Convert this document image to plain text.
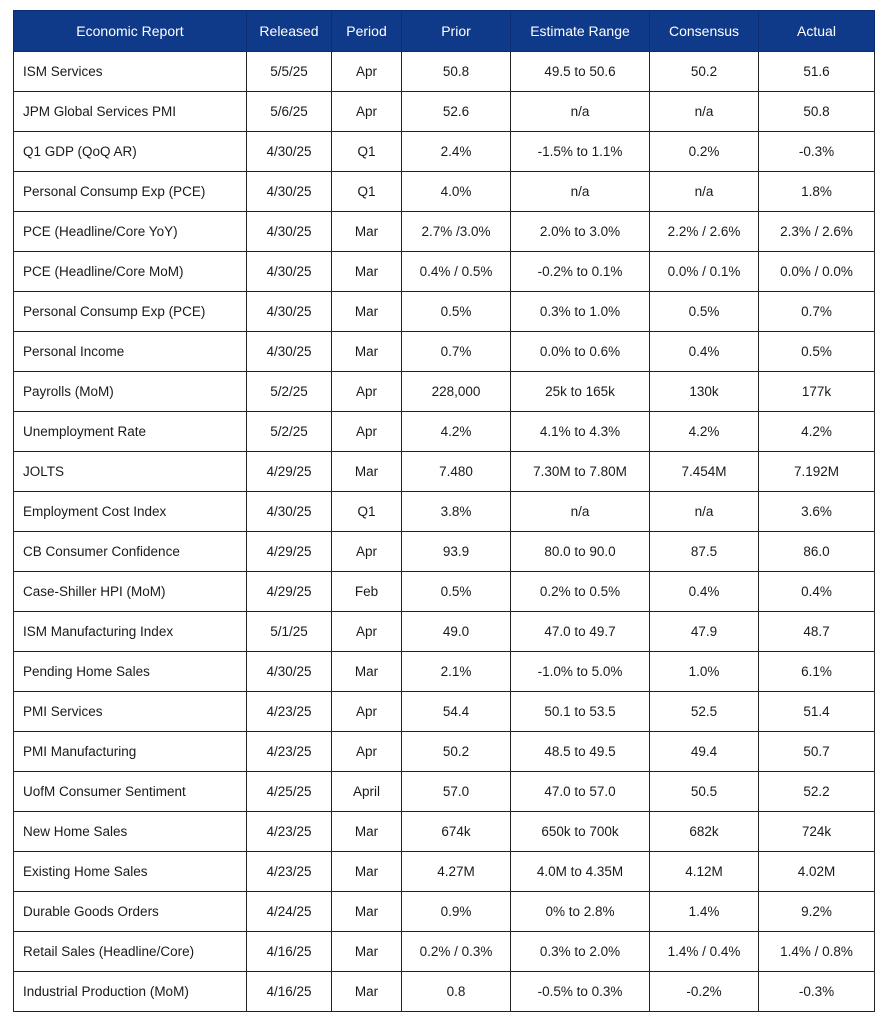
Economic Report	Released	Period	Prior	Estimate Range	Consensus	Actual
ISM Services	5/5/25	Apr	50.8	49.5 to 50.6	50.2	51.6
JPM Global Services PMI	5/6/25	Apr	52.6	n/a	n/a	50.8
Q1 GDP (QoQ AR)	4/30/25	Q1	2.4%	-1.5% to 1.1%	0.2%	-0.3%
Personal Consump Exp (PCE)	4/30/25	Q1	4.0%	n/a	n/a	1.8%
PCE (Headline/Core YoY)	4/30/25	Mar	2.7% /3.0%	2.0% to 3.0%	2.2% / 2.6%	2.3% / 2.6%
PCE (Headline/Core MoM)	4/30/25	Mar	0.4% / 0.5%	-0.2% to 0.1%	0.0% / 0.1%	0.0% / 0.0%
Personal Consump Exp (PCE)	4/30/25	Mar	0.5%	0.3% to 1.0%	0.5%	0.7%
Personal Income	4/30/25	Mar	0.7%	0.0% to 0.6%	0.4%	0.5%
Payrolls (MoM)	5/2/25	Apr	228,000	25k to 165k	130k	177k
Unemployment Rate	5/2/25	Apr	4.2%	4.1% to 4.3%	4.2%	4.2%
JOLTS	4/29/25	Mar	7.480	7.30M to 7.80M	7.454M	7.192M
Employment Cost Index	4/30/25	Q1	3.8%	n/a	n/a	3.6%
CB Consumer Confidence	4/29/25	Apr	93.9	80.0 to 90.0	87.5	86.0
Case-Shiller HPI (MoM)	4/29/25	Feb	0.5%	0.2% to 0.5%	0.4%	0.4%
ISM Manufacturing Index	5/1/25	Apr	49.0	47.0 to 49.7	47.9	48.7
Pending Home Sales	4/30/25	Mar	2.1%	-1.0% to 5.0%	1.0%	6.1%
PMI Services	4/23/25	Apr	54.4	50.1 to 53.5	52.5	51.4
PMI Manufacturing	4/23/25	Apr	50.2	48.5 to 49.5	49.4	50.7
UofM Consumer Sentiment	4/25/25	April	57.0	47.0 to 57.0	50.5	52.2
New Home Sales	4/23/25	Mar	674k	650k to 700k	682k	724k
Existing Home Sales	4/23/25	Mar	4.27M	4.0M to 4.35M	4.12M	4.02M
Durable Goods Orders	4/24/25	Mar	0.9%	0% to 2.8%	1.4%	9.2%
Retail Sales (Headline/Core)	4/16/25	Mar	0.2% / 0.3%	0.3% to 2.0%	1.4% / 0.4%	1.4% / 0.8%
Industrial Production (MoM)	4/16/25	Mar	0.8	-0.5% to 0.3%	-0.2%	-0.3%
